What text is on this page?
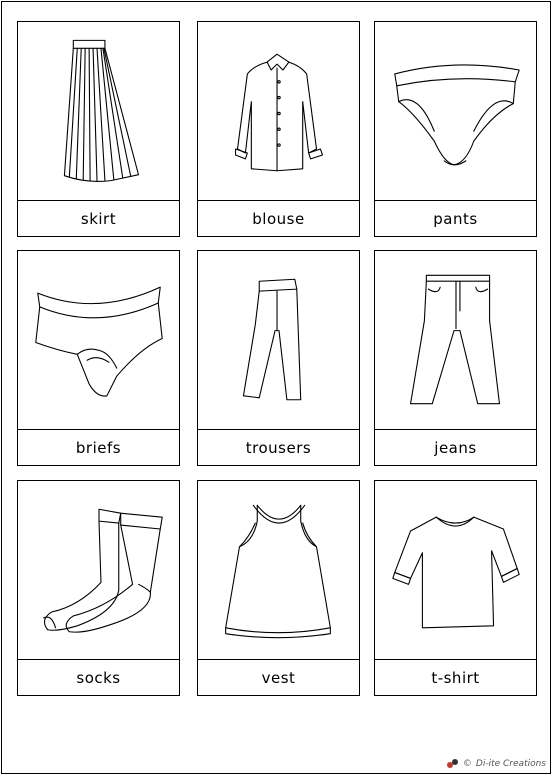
skirt	blouse	pants
briefs	trousers	jeans
socks	vest	t-shirt
© Di-ite Creations
